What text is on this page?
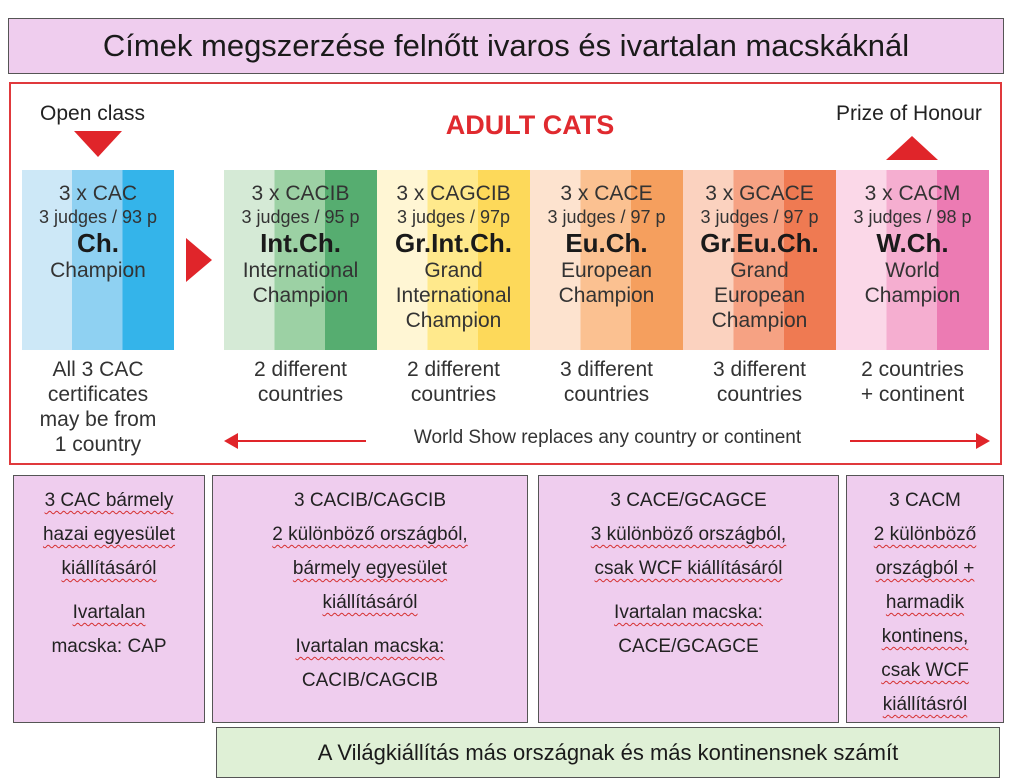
Címek megszerzése felnőtt ivaros és ivartalan macskáknál
Open class	ADULT CATS	Prize of Honour
3 x CAC
3 judges / 93 p
Ch.
Champion
3 x CACIB
3 judges / 95 p
Int.Ch.
International
Champion
3 x CAGCIB
3 judges / 97p
Gr.Int.Ch.
Grand
International
Champion
3 x CACE
3 judges / 97 p
Eu.Ch.
European
Champion
3 x GCACE
3 judges / 97 p
Gr.Eu.Ch.
Grand
European
Champion
3 x CACM
3 judges / 98 p
W.Ch.
World
Champion
All 3 CAC
certificates
may be from
1 country
2 different
countries
2 different
countries
3 different
countries
3 different
countries
2 countries
+ continent
World Show replaces any country or continent

3 CAC bármely

hazai egyesület

kiállításáról

Ivartalan

macska: CAP

3 CACIB/CAGCIB

2 különböző országból,

bármely egyesület

kiállításáról

Ivartalan macska:

CACIB/CAGCIB

3 CACE/GCAGCE

3 különböző országból,

csak WCF kiállításáról

Ivartalan macska:

CACE/GCAGCE

3 CACM

2 különböző

országból +

harmadik

kontinens,

csak WCF

kiállításról

A Világkiállítás más országnak és más kontinensnek számít
